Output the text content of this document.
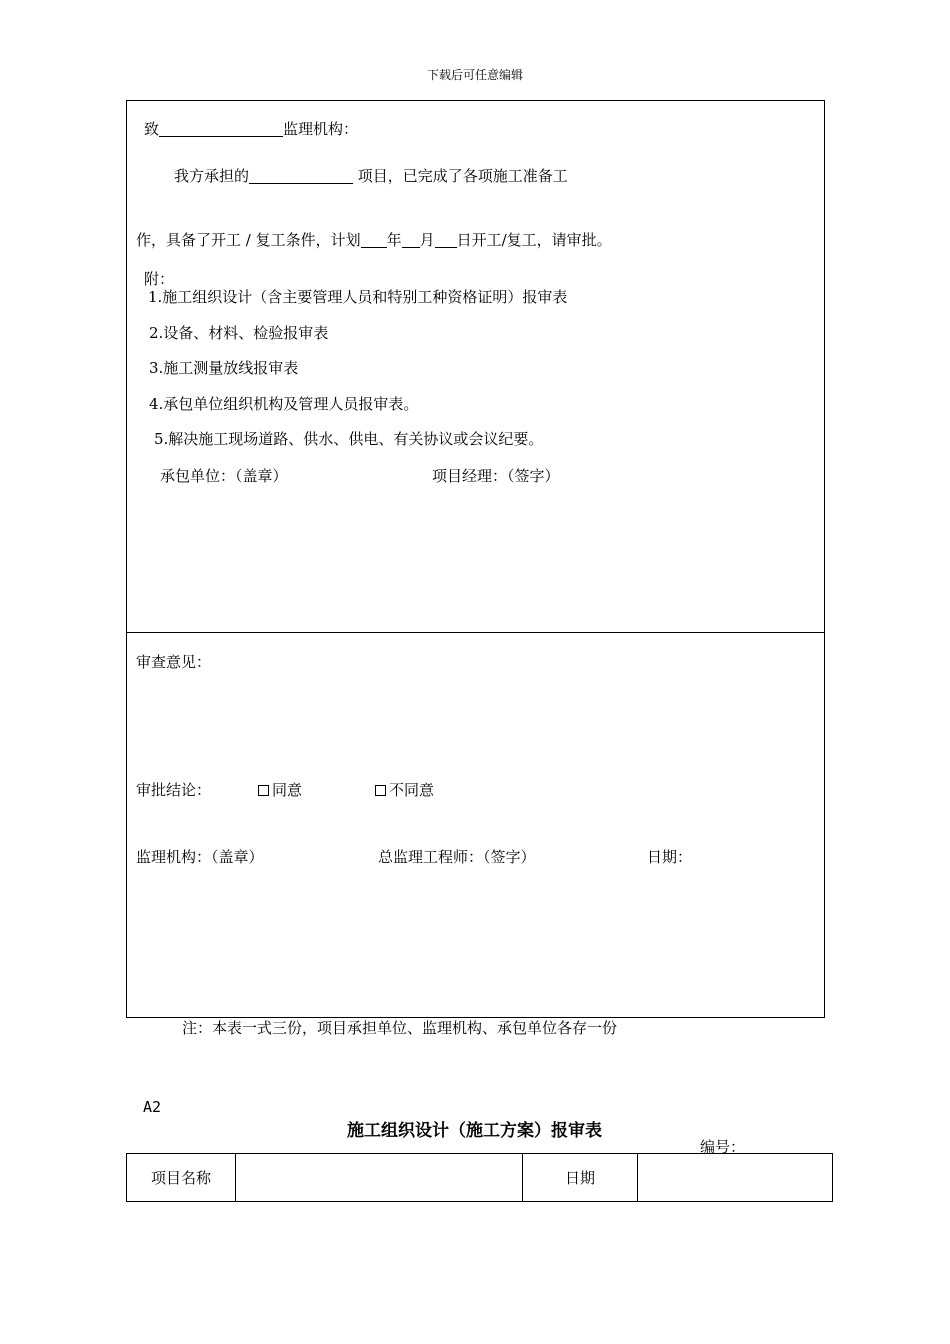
下载后可任意编辑
致	监理机构：
我方承担的	项目，已完成了各项施工准备工
作，具备了开工 / 复工条件，计划 年 月 日开工/复工，请审批。
附：
1.施工组织设计（含主要管理人员和特别工种资格证明）报审表
2.设备、材料、检验报审表
3.施工测量放线报审表
4.承包单位组织机构及管理人员报审表。
5.解决施工现场道路、供水、供电、有关协议或会议纪要。
承包单位：（盖章）	项目经理：（签字）
审查意见：
审批结论：	同意	不同意
监理机构：（盖章）	总监理工程师：（签字）	日期：
注：本表一式三份，项目承担单位、监理机构、承包单位各存一份
A2
施工组织设计（施工方案）报审表
编号：
项目名称		日期	
